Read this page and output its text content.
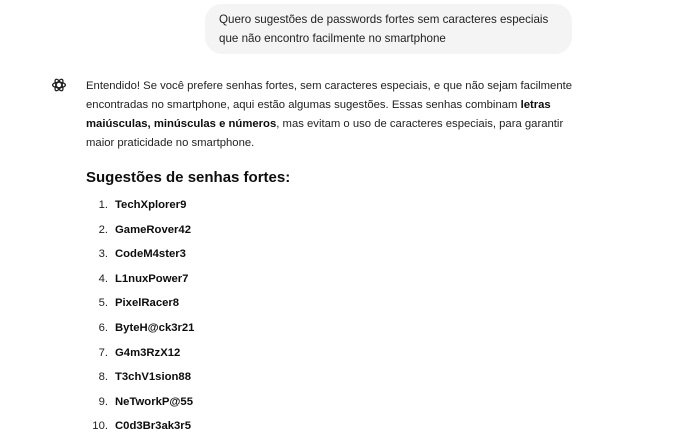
Quero sugestões de passwords fortes sem caracteres especiais que não encontro facilmente no smartphone

Entendido! Se você prefere senhas fortes, sem caracteres especiais, e que não sejam facilmente encontradas no smartphone, aqui estão algumas sugestões. Essas senhas combinam letras maiúsculas, minúsculas e números, mas evitam o uso de caracteres especiais, para garantir maior praticidade no smartphone.

Sugestões de senhas fortes:
1. TechXplorer9
2. GameRover42
3. CodeM4ster3
4. L1nuxPower7
5. PixelRacer8
6. ByteH@ck3r21
7. G4m3RzX12
8. T3chV1sion88
9. NeTworkP@55
10. C0d3Br3ak3r5
